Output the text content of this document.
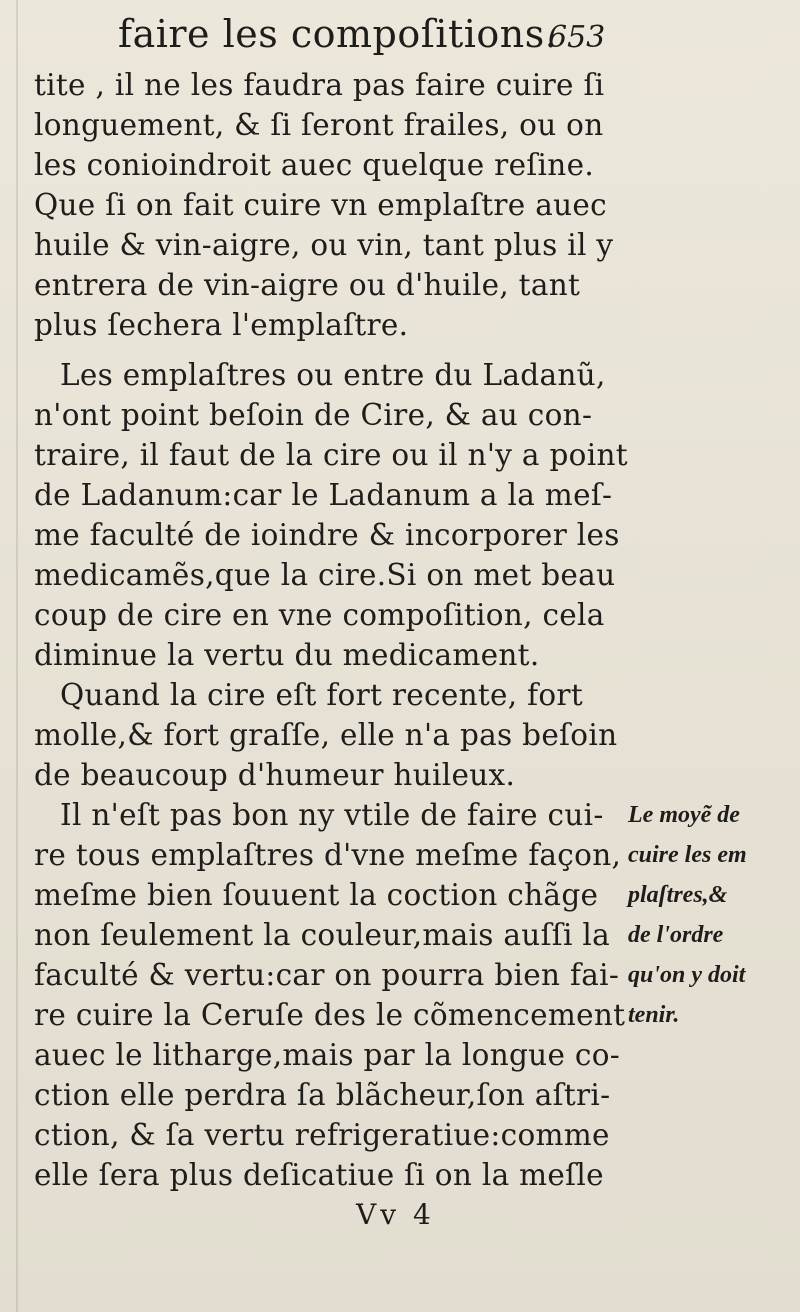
faire les compoſitions.
653
tite , il ne les faudra pas faire cuire ſi
longuement, & ſi ſeront frailes, ou on
les conioindroit auec quelque reſine.
Que ſi on fait cuire vn emplaſtre auec
huile & vin-aigre, ou vin, tant plus il y
entrera de vin-aigre ou d'huile, tant
plus ſechera l'emplaſtre.
Les emplaſtres ou entre du Ladanũ,
n'ont point beſoin de Cire, & au con-
traire, il faut de la cire ou il n'y a point
de Ladanum:car le Ladanum a la meſ-
me faculté de ioindre & incorporer les
medicamẽs,que la cire.Si on met beau
coup de cire en vne compoſition, cela
diminue la vertu du medicament.
Quand la cire eſt fort recente, fort
molle,& fort graſſe, elle n'a pas beſoin
de beaucoup d'humeur huileux.
Il n'eſt pas bon ny vtile de faire cui-
re tous emplaſtres d'vne meſme façon,
meſme bien ſouuent la coction chãge
non ſeulement la couleur,mais auſſi la
faculté & vertu:car on pourra bien fai-
re cuire la Ceruſe des le cõmencement
auec le litharge,mais par la longue co-
ction elle perdra ſa blãcheur,ſon aſtri-
ction, & ſa vertu refrigeratiue:comme
elle ſera plus deſicatiue ſi on la meſle
Le moyẽ de
cuire les em
plaſtres,&
de l'ordre
qu'on y doit
tenir.
Vv 4
